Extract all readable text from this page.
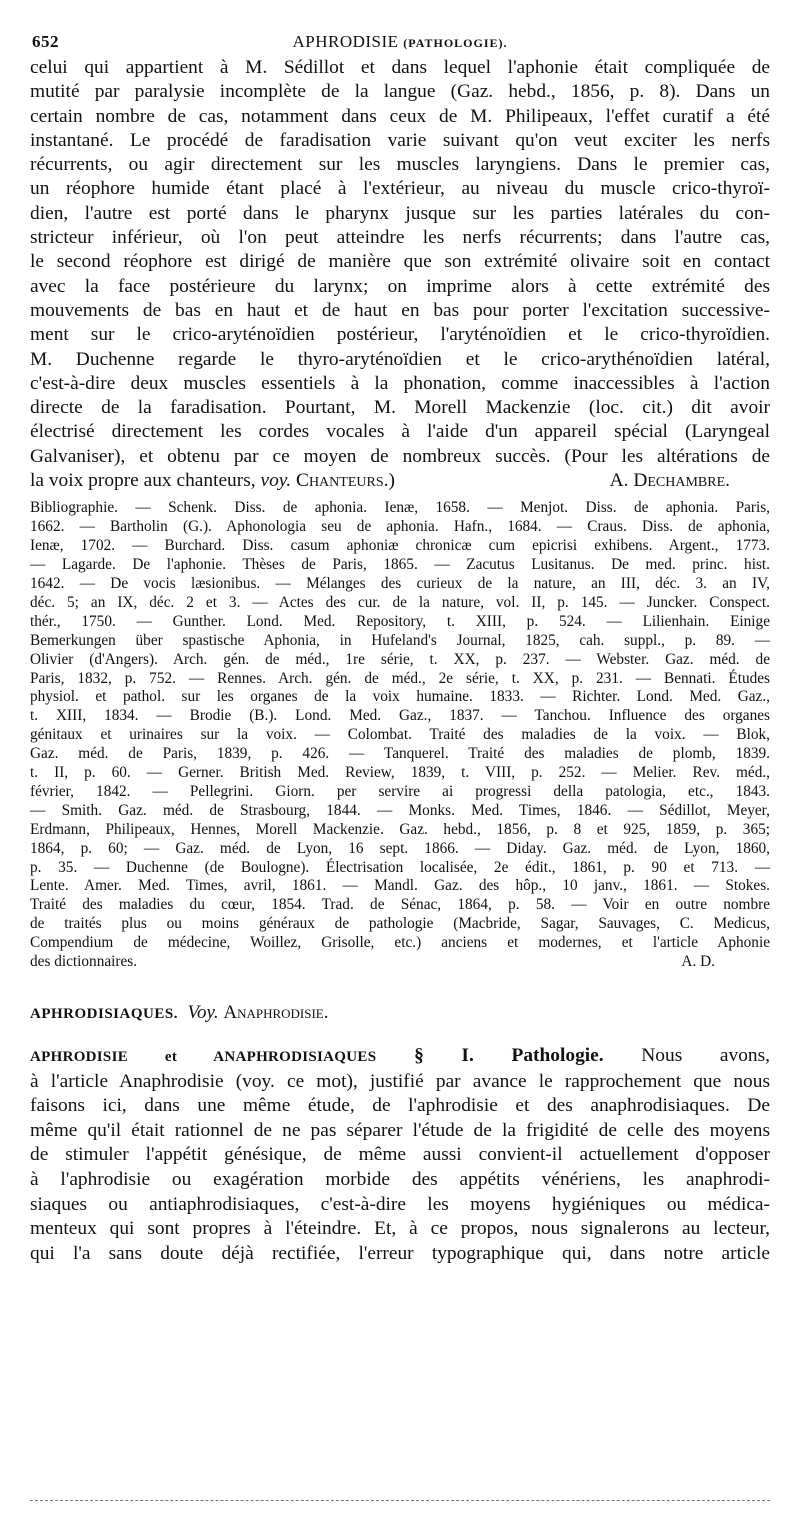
652	APHRODISIE (PATHOLOGIE).
celui qui appartient à M. Sédillot et dans lequel l'aphonie était compliquée de
mutité par paralysie incomplète de la langue (Gaz. hebd., 1856, p. 8). Dans un
certain nombre de cas, notamment dans ceux de M. Philipeaux, l'effet curatif a été
instantané. Le procédé de faradisation varie suivant qu'on veut exciter les nerfs
récurrents, ou agir directement sur les muscles laryngiens. Dans le premier cas,
un réophore humide étant placé à l'extérieur, au niveau du muscle crico-thyroï-
dien, l'autre est porté dans le pharynx jusque sur les parties latérales du con-
stricteur inférieur, où l'on peut atteindre les nerfs récurrents; dans l'autre cas,
le second réophore est dirigé de manière que son extrémité olivaire soit en contact
avec la face postérieure du larynx; on imprime alors à cette extrémité des
mouvements de bas en haut et de haut en bas pour porter l'excitation successive-
ment sur le crico-aryténoïdien postérieur, l'aryténoïdien et le crico-thyroïdien.
M. Duchenne regarde le thyro-aryténoïdien et le crico-arythénoïdien latéral,
c'est-à-dire deux muscles essentiels à la phonation, comme inaccessibles à l'action
directe de la faradisation. Pourtant, M. Morell Mackenzie (loc. cit.) dit avoir
électrisé directement les cordes vocales à l'aide d'un appareil spécial (Laryngeal
Galvaniser), et obtenu par ce moyen de nombreux succès. (Pour les altérations de
la voix propre aux chanteurs, voy. Chanteurs.)	A. Dechambre.
Bibliographie. — Schenk. Diss. de aphonia. Ienæ, 1658. — Menjot. Diss. de aphonia. Paris,
1662. — Bartholin (G.). Aphonologia seu de aphonia. Hafn., 1684. — Craus. Diss. de aphonia,
Ienæ, 1702. — Burchard. Diss. casum aphoniæ chronicæ cum epicrisi exhibens. Argent., 1773.
— Lagarde. De l'aphonie. Thèses de Paris, 1865. — Zacutus Lusitanus. De med. princ. hist.
1642. — De vocis læsionibus. — Mélanges des curieux de la nature, an III, déc. 3. an IV,
déc. 5; an IX, déc. 2 et 3. — Actes des cur. de la nature, vol. II, p. 145. — Juncker. Conspect.
thér., 1750. — Gunther. Lond. Med. Repository, t. XIII, p. 524. — Lilienhain. Einige
Bemerkungen über spastische Aphonia, in Hufeland's Journal, 1825, cah. suppl., p. 89. —
Olivier (d'Angers). Arch. gén. de méd., 1re série, t. XX, p. 237. — Webster. Gaz. méd. de
Paris, 1832, p. 752. — Rennes. Arch. gén. de méd., 2e série, t. XX, p. 231. — Bennati. Études
physiol. et pathol. sur les organes de la voix humaine. 1833. — Richter. Lond. Med. Gaz.,
t. XIII, 1834. — Brodie (B.). Lond. Med. Gaz., 1837. — Tanchou. Influence des organes
génitaux et urinaires sur la voix. — Colombat. Traité des maladies de la voix. — Blok,
Gaz. méd. de Paris, 1839, p. 426. — Tanquerel. Traité des maladies de plomb, 1839.
t. II, p. 60. — Gerner. British Med. Review, 1839, t. VIII, p. 252. — Melier. Rev. méd.,
février, 1842. — Pellegrini. Giorn. per servire ai progressi della patologia, etc., 1843.
— Smith. Gaz. méd. de Strasbourg, 1844. — Monks. Med. Times, 1846. — Sédillot, Meyer,
Erdmann, Philipeaux, Hennes, Morell Mackenzie. Gaz. hebd., 1856, p. 8 et 925, 1859, p. 365;
1864, p. 60; — Gaz. méd. de Lyon, 16 sept. 1866. — Diday. Gaz. méd. de Lyon, 1860,
p. 35. — Duchenne (de Boulogne). Électrisation localisée, 2e édit., 1861, p. 90 et 713. —
Lente. Amer. Med. Times, avril, 1861. — Mandl. Gaz. des hôp., 10 janv., 1861. — Stokes.
Traité des maladies du cœur, 1854. Trad. de Sénac, 1864, p. 58. — Voir en outre nombre
de traités plus ou moins généraux de pathologie (Macbride, Sagar, Sauvages, C. Medicus,
Compendium de médecine, Woillez, Grisolle, etc.) anciens et modernes, et l'article Aphonie
des dictionnaires.	A. D.
APHRODISIAQUES. Voy. Anaphrodisie.
APHRODISIE et ANAPHRODISIAQUES § I. Pathologie. Nous avons,
à l'article Anaphrodisie (voy. ce mot), justifié par avance le rapprochement que nous
faisons ici, dans une même étude, de l'aphrodisie et des anaphrodisiaques. De
même qu'il était rationnel de ne pas séparer l'étude de la frigidité de celle des moyens
de stimuler l'appétit génésique, de même aussi convient-il actuellement d'opposer
à l'aphrodisie ou exagération morbide des appétits vénériens, les anaphrodi-
siaques ou antiaphrodisiaques, c'est-à-dire les moyens hygiéniques ou médica-
menteux qui sont propres à l'éteindre. Et, à ce propos, nous signalerons au lecteur,
qui l'a sans doute déjà rectifiée, l'erreur typographique qui, dans notre article
